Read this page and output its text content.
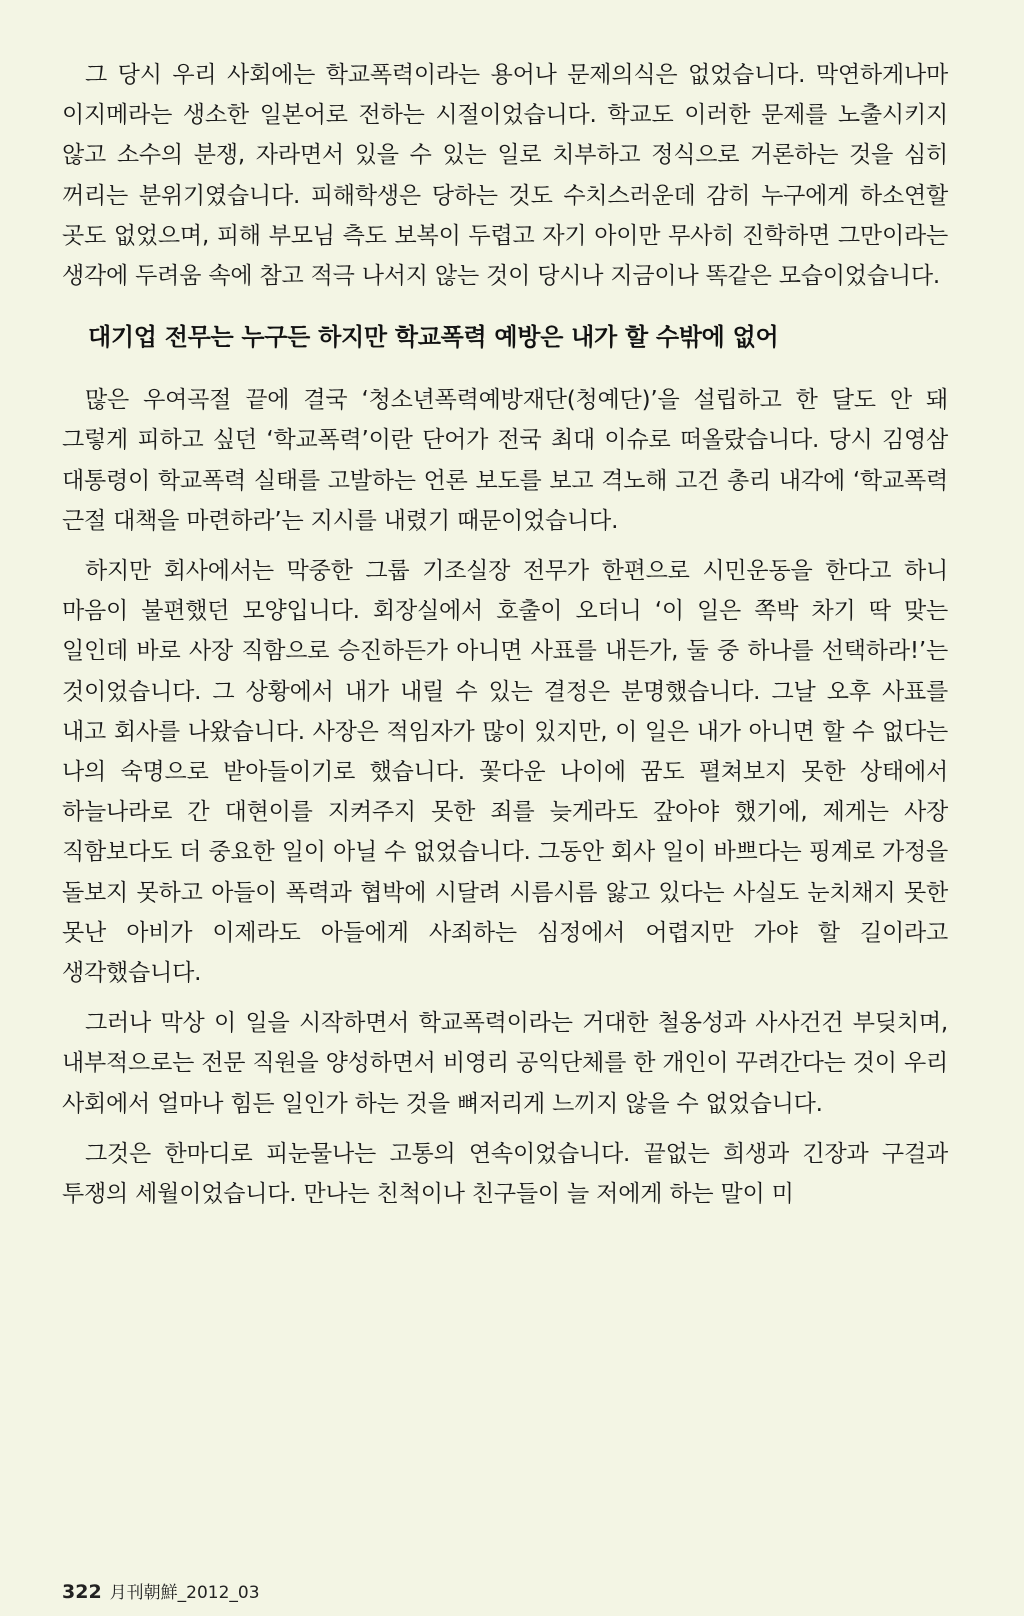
그 당시 우리 사회에는 학교폭력이라는 용어나 문제의식은 없었습니다. 막연하게나마 이지메라는 생소한 일본어로 전하는 시절이었습니다. 학교도 이러한 문제를 노출시키지 않고 소수의 분쟁, 자라면서 있을 수 있는 일로 치부하고 정식으로 거론하는 것을 심히 꺼리는 분위기였습니다. 피해학생은 당하는 것도 수치스러운데 감히 누구에게 하소연할 곳도 없었으며, 피해 부모님 측도 보복이 두렵고 자기 아이만 무사히 진학하면 그만이라는 생각에 두려움 속에 참고 적극 나서지 않는 것이 당시나 지금이나 똑같은 모습이었습니다.

대기업 전무는 누구든 하지만 학교폭력 예방은 내가 할 수밖에 없어

많은 우여곡절 끝에 결국 ‘청소년폭력예방재단(청예단)’을 설립하고 한 달도 안 돼 그렇게 피하고 싶던 ‘학교폭력’이란 단어가 전국 최대 이슈로 떠올랐습니다. 당시 김영삼 대통령이 학교폭력 실태를 고발하는 언론 보도를 보고 격노해 고건 총리 내각에 ‘학교폭력 근절 대책을 마련하라’는 지시를 내렸기 때문이었습니다.

하지만 회사에서는 막중한 그룹 기조실장 전무가 한편으로 시민운동을 한다고 하니 마음이 불편했던 모양입니다. 회장실에서 호출이 오더니 ‘이 일은 쪽박 차기 딱 맞는 일인데 바로 사장 직함으로 승진하든가 아니면 사표를 내든가, 둘 중 하나를 선택하라!’는 것이었습니다. 그 상황에서 내가 내릴 수 있는 결정은 분명했습니다. 그날 오후 사표를 내고 회사를 나왔습니다. 사장은 적임자가 많이 있지만, 이 일은 내가 아니면 할 수 없다는 나의 숙명으로 받아들이기로 했습니다. 꽃다운 나이에 꿈도 펼쳐보지 못한 상태에서 하늘나라로 간 대현이를 지켜주지 못한 죄를 늦게라도 갚아야 했기에, 제게는 사장 직함보다도 더 중요한 일이 아닐 수 없었습니다. 그동안 회사 일이 바쁘다는 핑계로 가정을 돌보지 못하고 아들이 폭력과 협박에 시달려 시름시름 앓고 있다는 사실도 눈치채지 못한 못난 아비가 이제라도 아들에게 사죄하는 심정에서 어렵지만 가야 할 길이라고 생각했습니다.

그러나 막상 이 일을 시작하면서 학교폭력이라는 거대한 철옹성과 사사건건 부딪치며, 내부적으로는 전문 직원을 양성하면서 비영리 공익단체를 한 개인이 꾸려간다는 것이 우리 사회에서 얼마나 힘든 일인가 하는 것을 뼈저리게 느끼지 않을 수 없었습니다.

그것은 한마디로 피눈물나는 고통의 연속이었습니다. 끝없는 희생과 긴장과 구걸과 투쟁의 세월이었습니다. 만나는 친척이나 친구들이 늘 저에게 하는 말이 미

322 月刊朝鮮_2012_03
